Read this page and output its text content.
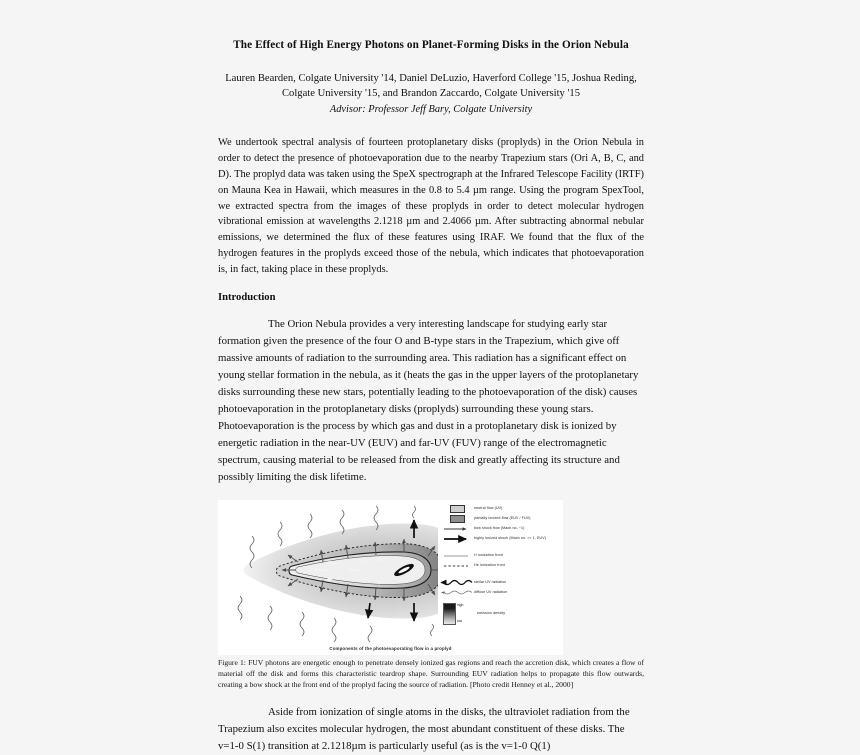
The Effect of High Energy Photons on Planet-Forming Disks in the Orion Nebula

Lauren Bearden, Colgate University '14, Daniel DeLuzio, Haverford College '15, Joshua Reding, Colgate University '15, and Brandon Zaccardo, Colgate University '15

Advisor: Professor Jeff Bary, Colgate University

We undertook spectral analysis of fourteen protoplanetary disks (proplyds) in the Orion Nebula in order to detect the presence of photoevaporation due to the nearby Trapezium stars (Ori A, B, C, and D). The proplyd data was taken using the SpeX spectrograph at the Infrared Telescope Facility (IRTF) on Mauna Kea in Hawaii, which measures in the 0.8 to 5.4 µm range. Using the program SpexTool, we extracted spectra from the images of these proplyds in order to detect molecular hydrogen vibrational emission at wavelengths 2.1218 µm and 2.4066 µm. After subtracting abnormal nebular emissions, we determined the flux of these features using IRAF. We found that the flux of the hydrogen features in the proplyds exceed those of the nebula, which indicates that photoevaporation is, in fact, taking place in these proplyds.

Introduction

The Orion Nebula provides a very interesting landscape for studying early star formation given the presence of the four O and B-type stars in the Trapezium, which give off massive amounts of radiation to the surrounding area. This radiation has a significant effect on young stellar formation in the nebula, as it (heats the gas in the upper layers of the protoplanetary disks surrounding these new stars, potentially leading to the photoevaporation of the disk) causes photoevaporation in the protoplanetary disks (proplyds) surrounding these young stars. Photoevaporation is the process by which gas and dust in a protoplanetary disk is ionized by energetic radiation in the near-UV (EUV) and far-UV (FUV) range of the electromagnetic spectrum, causing material to be released from the disk and greatly affecting its structure and possibly limiting the disk lifetime.

neutral flow (UV)
partially ionized flow (EUV / FUV)
bow shock flow (Mach no. ~1)
highly ionized shock (Mach no. >> 1, EUV)
H ionization front
He ionization front
stellar UV radiation
diffuse UV radiation
high
low
emission density
Components of the photoevaporating flow in a proplyd

Figure 1: FUV photons are energetic enough to penetrate densely ionized gas regions and reach the accretion disk, which creates a flow of material off the disk and forms this characteristic teardrop shape. Surrounding EUV radiation helps to propagate this flow outwards, creating a bow shock at the front end of the proplyd facing the source of radiation. [Photo credit Henney et al., 2000]

Aside from ionization of single atoms in the disks, the ultraviolet radiation from the Trapezium also excites molecular hydrogen, the most abundant constituent of these disks. The v=1-0 S(1) transition at 2.1218µm is particularly useful (as is the v=1-0 Q(1)
